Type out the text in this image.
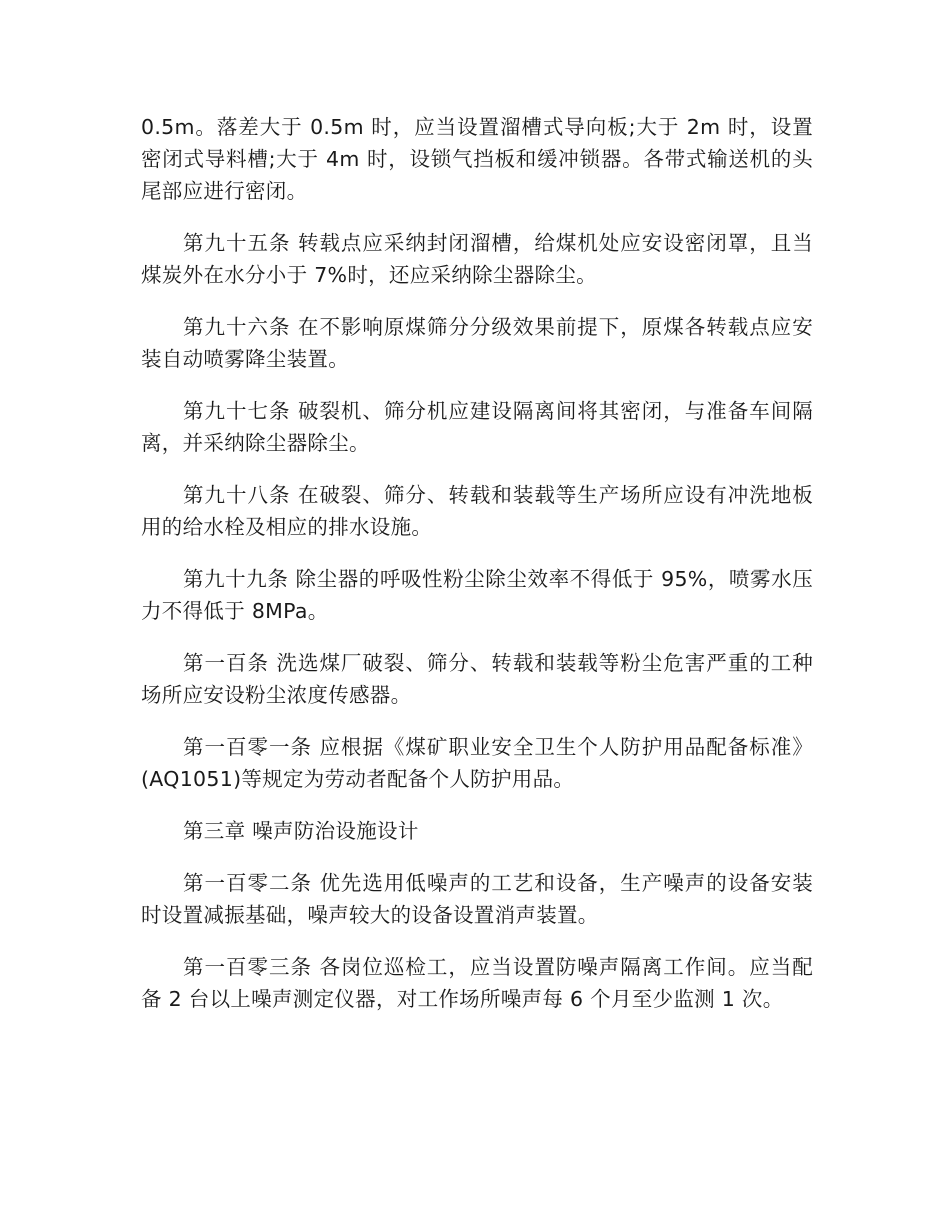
0.5m。落差大于 0.5m 时，应当设置溜槽式导向板;大于 2m 时，设置密闭式导料槽;大于 4m 时，设锁气挡板和缓冲锁器。各带式输送机的头尾部应进行密闭。

第九十五条 转载点应采纳封闭溜槽，给煤机处应安设密闭罩，且当煤炭外在水分小于 7%时，还应采纳除尘器除尘。

第九十六条 在不影响原煤筛分分级效果前提下，原煤各转载点应安装自动喷雾降尘装置。

第九十七条 破裂机、筛分机应建设隔离间将其密闭，与准备车间隔离，并采纳除尘器除尘。

第九十八条 在破裂、筛分、转载和装载等生产场所应设有冲洗地板用的给水栓及相应的排水设施。

第九十九条 除尘器的呼吸性粉尘除尘效率不得低于 95%，喷雾水压力不得低于 8MPa。

第一百条 洗选煤厂破裂、筛分、转载和装载等粉尘危害严重的工种场所应安设粉尘浓度传感器。

第一百零一条 应根据《煤矿职业安全卫生个人防护用品配备标准》(AQ1051)等规定为劳动者配备个人防护用品。

第三章 噪声防治设施设计

第一百零二条 优先选用低噪声的工艺和设备，生产噪声的设备安装时设置减振基础，噪声较大的设备设置消声装置。

第一百零三条 各岗位巡检工，应当设置防噪声隔离工作间。应当配备 2 台以上噪声测定仪器，对工作场所噪声每 6 个月至少监测 1 次。
